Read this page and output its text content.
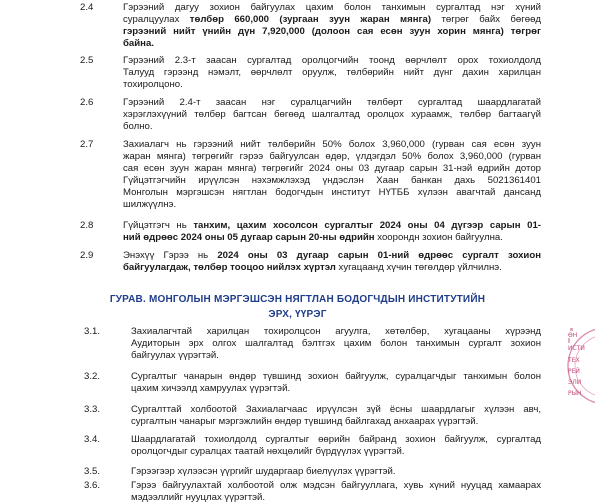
2.4	Гэрээний дагуу зохион байгуулах цахим болон танхимын сургалтад нэг хүний
суралцуулах төлбөр 660,000 (зургаан зуун жаран мянга) төгрөг байх бөгөөд
гэрээний нийт үнийн дүн 7,920,000 (долоон сая есөн зуун хорин мянга) төгрөг
байна.
2.5	Гэрээний 2.3-т заасан сургалтад оролцогчийн тоонд өөрчлөлт орох тохиолдолд
Талууд гэрээнд нэмэлт, өөрчлөлт оруулж, төлбөрийн нийт дүнг дахин харилцан
тохиролцоно.
2.6	Гэрээний 2.4-т заасан нэг суралцагчийн төлбөрт сургалтад шаардлагатай
хэрэглэхүүний төлбөр багтсан бөгөөд шалгалтад оролцох хураамж, төлбөр багтаагүй
болно.
2.7	Захиалагч нь гэрээний нийт төлбөрийн 50% болох 3,960,000 (гурван сая есөн зуун
жаран мянга) төгрөгийг гэрээ байгуулсан өдөр, үлдэгдэл 50% болох 3,960,000 (гурван
сая есөн зуун жаран мянга) төгрөгийг 2024 оны 03 дугаар сарын 31-нэй өдрийн дотор
Гүйцэтгэгчийн ирүүлсэн нэхэмжлэхэд үндэслэн Хаан банкан дахь 5021361401
Монголын мэргэшсэн нягтлан бодогчдын институт НҮТББ хүлээн авагчтай дансанд
шилжүүлнэ.
2.8	Гүйцэтгэгч нь танхим, цахим хосолсон сургалтыг 2024 оны 04 дүгээр сарын 01-
ний өдрөөс 2024 оны 05 дугаар сарын 20-ны өдрийн хоорондн зохион байгуулна.
2.9	Энэхүү Гэрээ нь 2024 оны 03 дугаар сарын 01-ний өдрөөс сургалт зохион
байгуулагдаж, төлбөр тооцоо нийлэх хүртэл хугацаанд хүчин төгөлдөр үйлчилнэ.
ГУРАВ. МОНГОЛЫН МЭРГЭШСЭН НЯГТЛАН БОДОГЧДЫН ИНСТИТУТИЙН
ЭРХ, ҮҮРЭГ
3.1.	Захиалагчтай харилцан тохиролцсон агуулга, хөтөлбөр, хугацааны хүрээнд
Аудиторын эрх олгох шалгалтад бэлтгэх цахим болон танхимын сургалт зохион
байгуулах үүрэгтэй.
3.2.	Сургалтыг чанарын өндөр түвшинд зохион байгуулж, суралцагчдыг танхимын болон
цахим хичээлд хамруулах үүрэгтэй.
3.3.	Сургалттай холбоотой Захиалагчаас ирүүлсэн зүй ёсны шаардлагыг хүлээн авч,
сургалтын чанарыг мэргэжлийн өндөр түвшинд байлгахад анхаарах үүрэгтэй.
3.4.	Шаардлагатай тохиолдолд сургалтыг өөрийн байранд зохион байгуулж, сургалтад
оролцогчдыг суралцах таатай нөхцөлийг бүрдүүлэх үүрэгтэй.
3.5.	Гэрээгээр хүлээсэн үүргийг шударгаар биелүүлэх үүрэгтэй.
3.6.	Гэрээ байгуулахтай холбоотой олж мэдсэн байгууллага, хувь хүний нууцад хамаарах
мэдээллийг нууцлах үүрэгтэй.
ӨН
ИСТИ
ТЕХ
РЕЙ
ЭЛИ
РЫН
